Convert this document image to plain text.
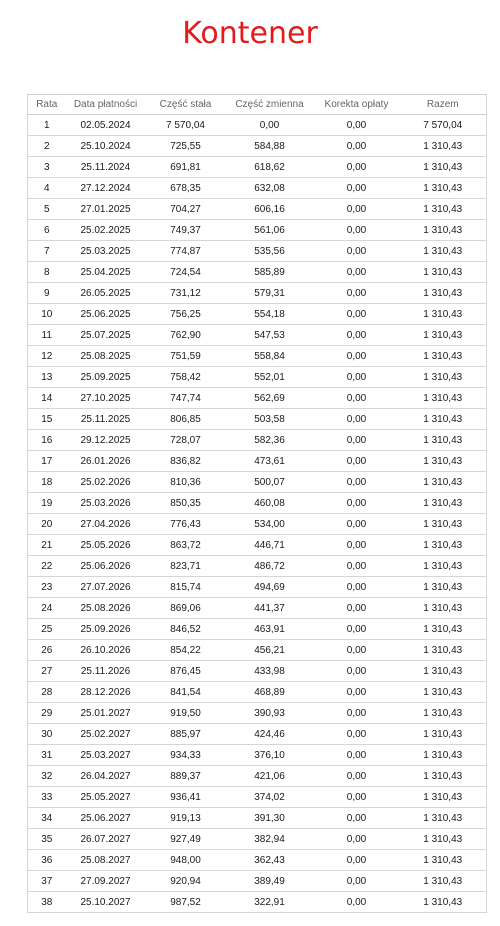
Kontener
Rata	Data płatności	Część stała	Część zmienna	Korekta opłaty	Razem
1	02.05.2024	7 570,04	0,00	0,00	7 570,04
2	25.10.2024	725,55	584,88	0,00	1 310,43
3	25.11.2024	691,81	618,62	0,00	1 310,43
4	27.12.2024	678,35	632,08	0,00	1 310,43
5	27.01.2025	704,27	606,16	0,00	1 310,43
6	25.02.2025	749,37	561,06	0,00	1 310,43
7	25.03.2025	774,87	535,56	0,00	1 310,43
8	25.04.2025	724,54	585,89	0,00	1 310,43
9	26.05.2025	731,12	579,31	0,00	1 310,43
10	25.06.2025	756,25	554,18	0,00	1 310,43
11	25.07.2025	762,90	547,53	0,00	1 310,43
12	25.08.2025	751,59	558,84	0,00	1 310,43
13	25.09.2025	758,42	552,01	0,00	1 310,43
14	27.10.2025	747,74	562,69	0,00	1 310,43
15	25.11.2025	806,85	503,58	0,00	1 310,43
16	29.12.2025	728,07	582,36	0,00	1 310,43
17	26.01.2026	836,82	473,61	0,00	1 310,43
18	25.02.2026	810,36	500,07	0,00	1 310,43
19	25.03.2026	850,35	460,08	0,00	1 310,43
20	27.04.2026	776,43	534,00	0,00	1 310,43
21	25.05.2026	863,72	446,71	0,00	1 310,43
22	25.06.2026	823,71	486,72	0,00	1 310,43
23	27.07.2026	815,74	494,69	0,00	1 310,43
24	25.08.2026	869,06	441,37	0,00	1 310,43
25	25.09.2026	846,52	463,91	0,00	1 310,43
26	26.10.2026	854,22	456,21	0,00	1 310,43
27	25.11.2026	876,45	433,98	0,00	1 310,43
28	28.12.2026	841,54	468,89	0,00	1 310,43
29	25.01.2027	919,50	390,93	0,00	1 310,43
30	25.02.2027	885,97	424,46	0,00	1 310,43
31	25.03.2027	934,33	376,10	0,00	1 310,43
32	26.04.2027	889,37	421,06	0,00	1 310,43
33	25.05.2027	936,41	374,02	0,00	1 310,43
34	25.06.2027	919,13	391,30	0,00	1 310,43
35	26.07.2027	927,49	382,94	0,00	1 310,43
36	25.08.2027	948,00	362,43	0,00	1 310,43
37	27.09.2027	920,94	389,49	0,00	1 310,43
38	25.10.2027	987,52	322,91	0,00	1 310,43
